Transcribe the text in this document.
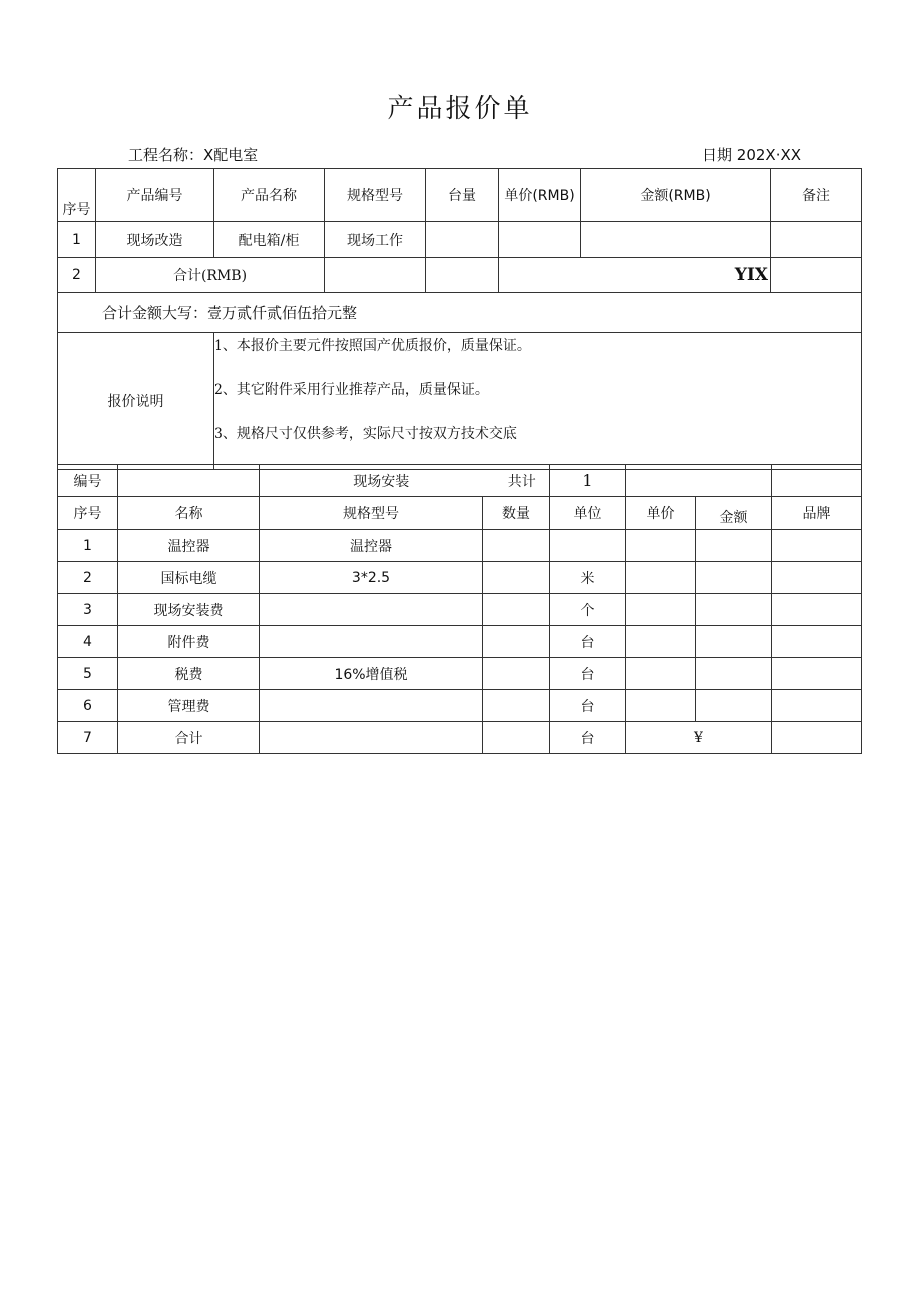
产品报价单
工程名称：X配电室	日期 202X·XX
序号	产品编号	产品名称	规格型号	台量	单价(RMB)	金额(RMB)	备注
1	现场改造	配电箱/柜	现场工作				
2	合计(RMB)				YIX		
合计金额大写：壹万贰仟贰佰伍拾元整							
报价说明		1、本报价主要元件按照国产优质报价，质量保证。
2、其它附件采用行业推荐产品，质量保证。
3、规格尺寸仅供参考，实际尺寸按双方技术交底					
编号		现场安装 共计		1			
序号	名称	规格型号	数量	单位	单价	金额	品牌
1	温控器	温控器					
2	国标电缆	3*2.5		米			
3	现场安装费			个			
4	附件费			台			
5	税费	16%增值税		台			
6	管理费			台			
7	合计			台	¥		
